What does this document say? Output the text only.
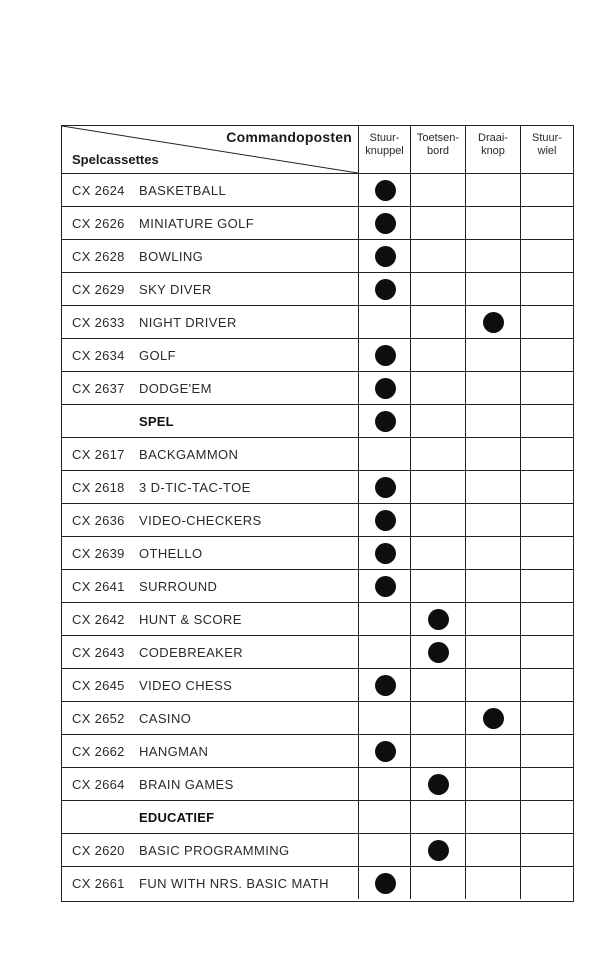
Commandoposten
Spelcassettes
Stuur-
knuppel
Toetsen-
bord
Draai-
knop
Stuur-
wiel
CX 2624 BASKETBALL
CX 2626 MINIATURE GOLF
CX 2628 BOWLING
CX 2629 SKY DIVER
CX 2633 NIGHT DRIVER
CX 2634 GOLF
CX 2637 DODGE'EM
SPEL
CX 2617 BACKGAMMON
CX 2618 3 D-TIC-TAC-TOE
CX 2636 VIDEO-CHECKERS
CX 2639 OTHELLO
CX 2641 SURROUND
CX 2642 HUNT & SCORE
CX 2643 CODEBREAKER
CX 2645 VIDEO CHESS
CX 2652 CASINO
CX 2662 HANGMAN
CX 2664 BRAIN GAMES
EDUCATIEF
CX 2620 BASIC PROGRAMMING
CX 2661 FUN WITH NRS. BASIC MATH
